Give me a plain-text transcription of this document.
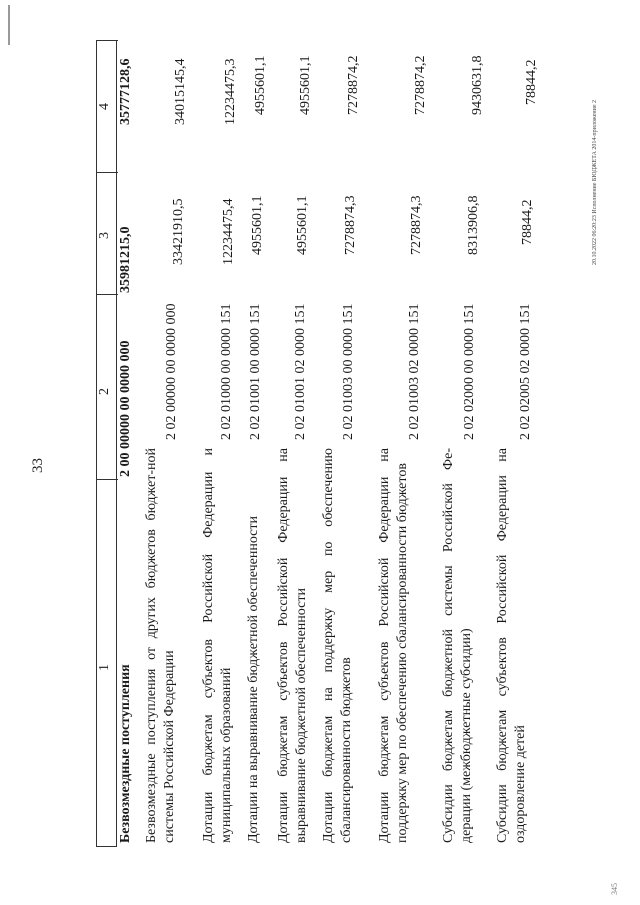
33
1
2
3
4
Безвозмездные поступления
2 00 00000 00 0000 000
35981215,0
35777128,6
Безвозмездные поступления от других бюджетов бюджет-ной системы Российской Федерации
2 02 00000 00 0000 000
33421910,5
34015145,4
Дотации бюджетам субъектов Российской Федерации и муниципальных образований
2 02 01000 00 0000 151
12234475,4
12234475,3
Дотации на выравнивание бюджетной обеспеченности
2 02 01001 00 0000 151
4955601,1
4955601,1
Дотации бюджетам субъектов Российской Федерации на выравнивание бюджетной обеспеченности
2 02 01001 02 0000 151
4955601,1
4955601,1
Дотации бюджетам на поддержку мер по обеспечению сбалансированности бюджетов
2 02 01003 00 0000 151
7278874,3
7278874,2
Дотации бюджетам субъектов Российской Федерации на поддержку мер по обеспечению сбалансированности бюджетов
2 02 01003 02 0000 151
7278874,3
7278874,2
Субсидии бюджетам бюджетной системы Российской Фе-дерации (межбюджетные субсидии)
2 02 02000 00 0000 151
8313906,8
9430631,8
Субсидии бюджетам субъектов Российской Федерации на оздоровление детей
2 02 02005 02 0000 151
78844,2
78844,2
20.10.2022 06:20:23 Исполнение БЮДЖЕТА 2014-приложение 2
345
